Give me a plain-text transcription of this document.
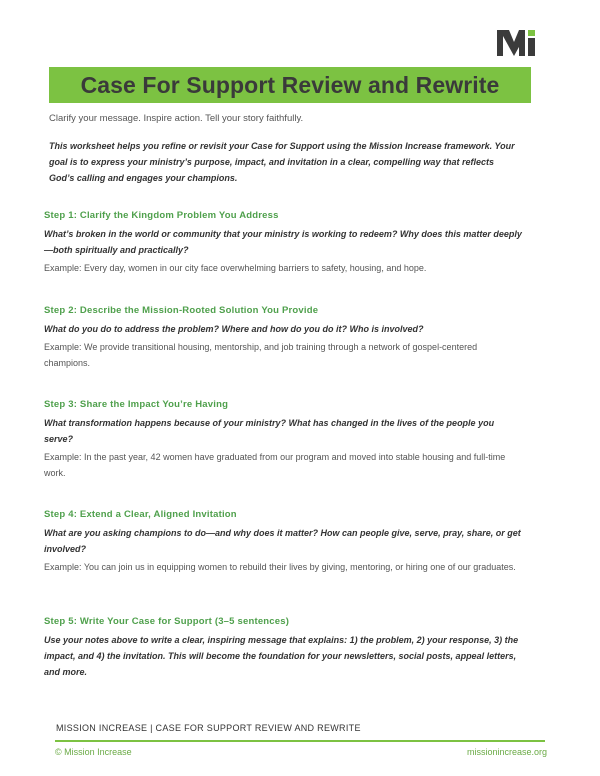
Case For Support Review and Rewrite
Clarify your message. Inspire action. Tell your story faithfully.

This worksheet helps you refine or revisit your Case for Support using the Mission Increase framework. Your goal is to express your ministry’s purpose, impact, and invitation in a clear, compelling way that reflects God’s calling and engages your champions.

Step 1: Clarify the Kingdom Problem You Address

What’s broken in the world or community that your ministry is working to redeem? Why does this matter deeply—both spiritually and practically?

Example: Every day, women in our city face overwhelming barriers to safety, housing, and hope.

Step 2: Describe the Mission-Rooted Solution You Provide

What do you do to address the problem? Where and how do you do it? Who is involved?

Example: We provide transitional housing, mentorship, and job training through a network of gospel-centered champions.

Step 3: Share the Impact You’re Having

What transformation happens because of your ministry? What has changed in the lives of the people you serve?

Example: In the past year, 42 women have graduated from our program and moved into stable housing and full-time work.

Step 4: Extend a Clear, Aligned Invitation

What are you asking champions to do—and why does it matter? How can people give, serve, pray, share, or get involved?

Example: You can join us in equipping women to rebuild their lives by giving, mentoring, or hiring one of our graduates.

Step 5: Write Your Case for Support (3–5 sentences)

Use your notes above to write a clear, inspiring message that explains: 1) the problem, 2) your response, 3) the impact, and 4) the invitation. This will become the foundation for your newsletters, social posts, appeal letters, and more.

MISSION INCREASE | CASE FOR SUPPORT REVIEW AND REWRITE
© Mission Increase	missionincrease.org
